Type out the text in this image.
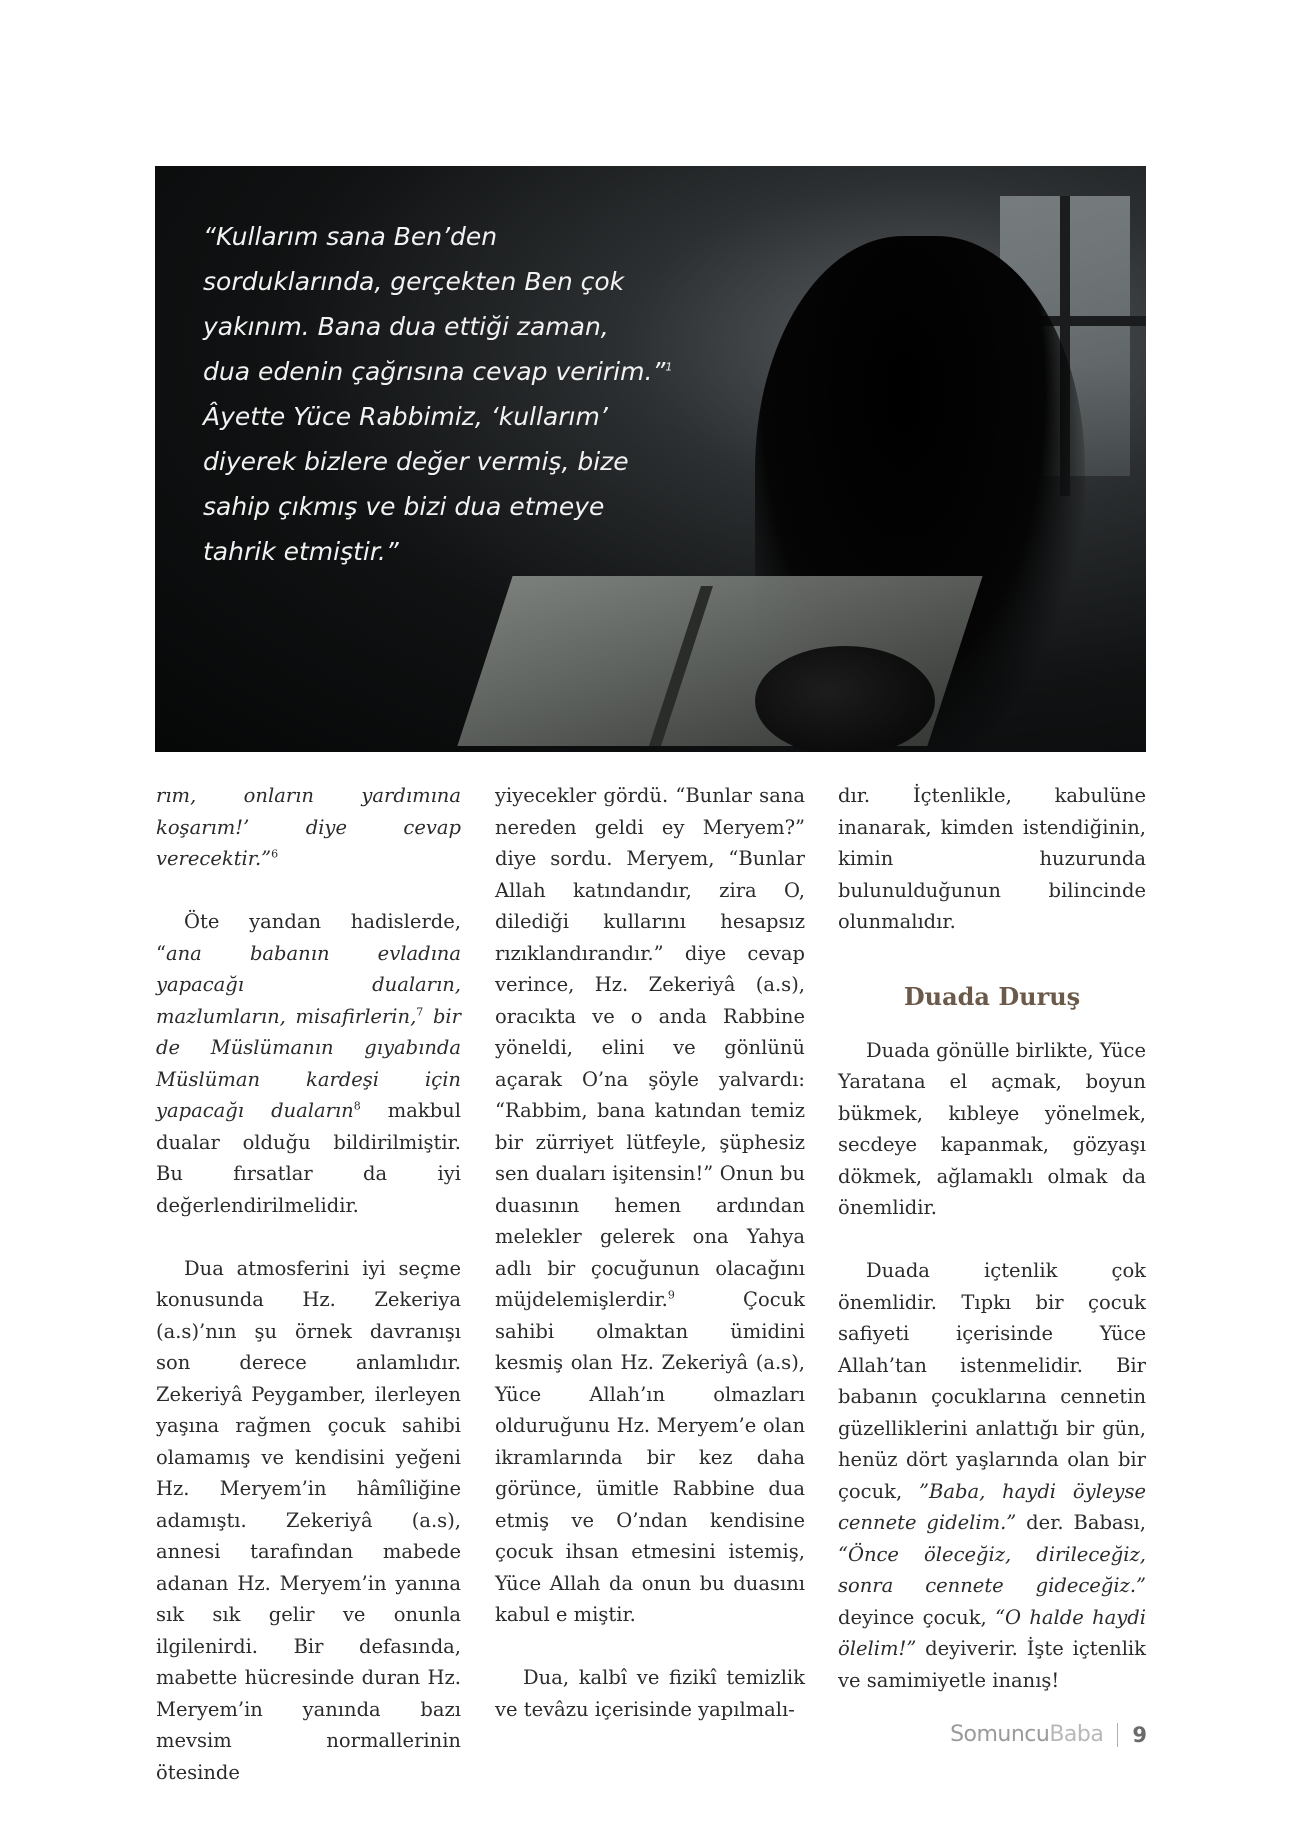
“Kullarım sana Ben’den
sorduklarında, gerçekten Ben çok
yakınım. Bana dua ettiği zaman,
dua edenin çağrısına cevap veririm.”$^1$
Âyette Yüce Rabbimiz, ‘kullarım’
diyerek bizlere değer vermiş, bize
sahip çıkmış ve bizi dua etmeye
tahrik etmiştir.”

rım, onların yardımına koşarım!’ diye cevap verecektir.”$^6$

Öte yandan hadislerde, “ana babanın evladına yapacağı duaların, mazlumların, misafirlerin,$^7$ bir de Müslümanın gıyabında Müslüman kardeşi için yapacağı duaların$^8$ makbul dualar olduğu bildirilmiştir. Bu fırsatlar da iyi değerlendirilmelidir.

Dua atmosferini iyi seçme konusunda Hz. Zekeriya (a.s)’nın şu örnek davranışı son derece anlamlıdır. Zekeriyâ Peygamber, ilerleyen yaşına rağmen çocuk sahibi olamamış ve kendisini yeğeni Hz. Meryem’in hâmîliğine adamıştı. Zekeriyâ (a.s), annesi tarafından mabede adanan Hz. Meryem’in yanına sık sık gelir ve onunla ilgilenirdi. Bir defasında, mabette hücresinde duran Hz. Meryem’in yanında bazı mevsim normallerinin ötesinde

yiyecekler gördü. “Bunlar sana nereden geldi ey Meryem?” diye sordu. Meryem, “Bunlar Allah katındandır, zira O, dilediği kullarını hesapsız rızıklandırandır.” diye cevap verince, Hz. Zekeriyâ (a.s), oracıkta ve o anda Rabbine yöneldi, elini ve gönlünü açarak O’na şöyle yalvardı: “Rabbim, bana katından temiz bir zürriyet lütfeyle, şüphesiz sen duaları işitensin!” Onun bu duasının hemen ardından melekler gelerek ona Yahya adlı bir çocuğunun olacağını müjdelemişlerdir.$^9$ Çocuk sahibi olmaktan ümidini kesmiş olan Hz. Zekeriyâ (a.s), Yüce Allah’ın olmazları olduruğunu Hz. Meryem’e olan ikramlarında bir kez daha görünce, ümitle Rabbine dua etmiş ve O’ndan kendisine çocuk ihsan etmesini istemiş, Yüce Allah da onun bu duasını kabul e miştir.

Dua, kalbî ve fizikî temizlik ve tevâzu içerisinde yapılmalı-

dır. İçtenlikle, kabulüne inanarak, kimden istendiğinin, kimin huzurunda bulunulduğunun bilincinde olunmalıdır.

Duada Duruş

Duada gönülle birlikte, Yüce Yaratana el açmak, boyun bükmek, kıbleye yönelmek, secdeye kapanmak, gözyaşı dökmek, ağlamaklı olmak da önemlidir.

Duada içtenlik çok önemlidir. Tıpkı bir çocuk safiyeti içerisinde Yüce Allah’tan istenmelidir. Bir babanın çocuklarına cennetin güzelliklerini anlattığı bir gün, henüz dört yaşlarında olan bir çocuk, ”Baba, haydi öyleyse cennete gidelim.” der. Babası, “Önce öleceğiz, dirileceğiz, sonra cennete gideceğiz.” deyince çocuk, “O halde haydi ölelim!” deyiverir. İşte içtenlik ve samimiyetle inanış!

SomuncuBaba 9
